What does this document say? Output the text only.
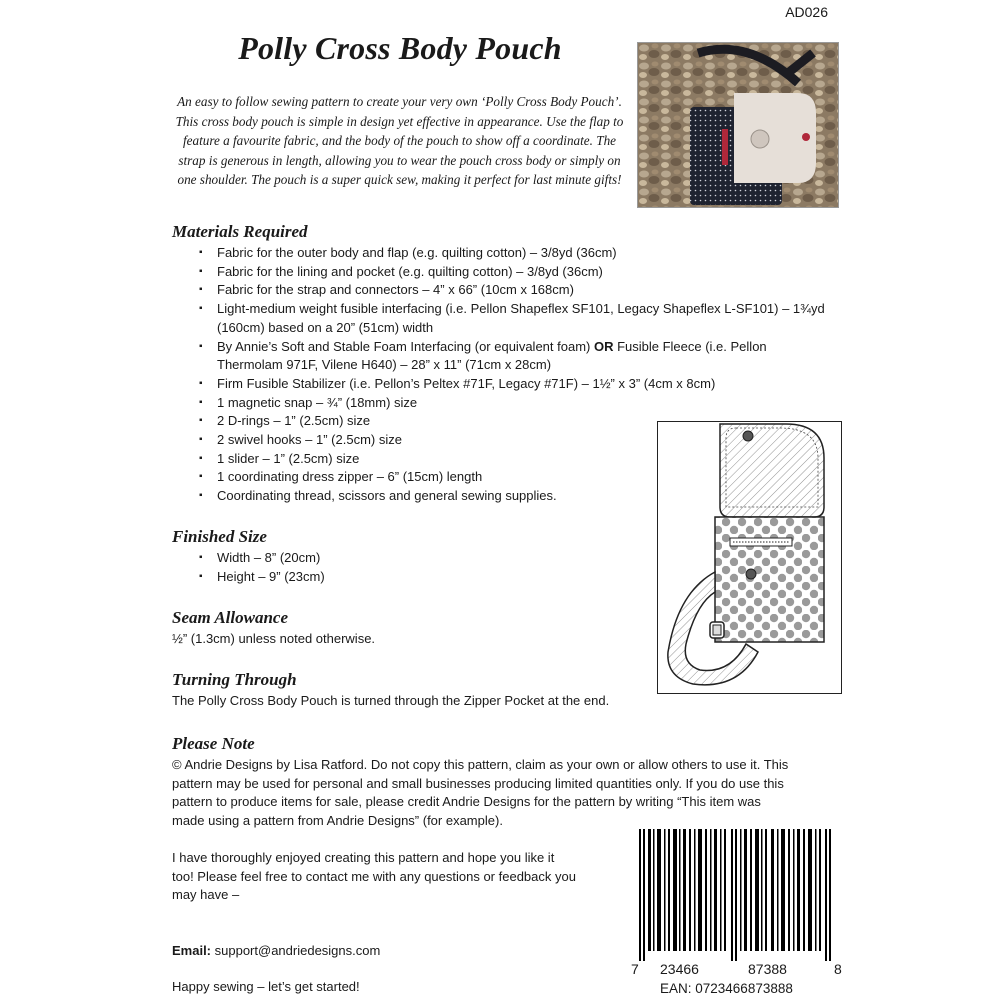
AD026
Polly Cross Body Pouch
An easy to follow sewing pattern to create your very own ‘Polly Cross Body Pouch’. This cross body pouch is simple in design yet effective in appearance. Use the flap to feature a favourite fabric, and the body of the pouch to show off a coordinate. The strap is generous in length, allowing you to wear the pouch cross body or simply on one shoulder. The pouch is a super quick sew, making it perfect for last minute gifts!
Materials Required
▪ Fabric for the outer body and flap (e.g. quilting cotton) – 3/8yd (36cm)
▪ Fabric for the lining and pocket (e.g. quilting cotton) – 3/8yd (36cm)
▪ Fabric for the strap and connectors – 4” x 66” (10cm x 168cm)
▪ Light-medium weight fusible interfacing (i.e. Pellon Shapeflex SF101, Legacy Shapeflex L-SF101) – 1¾yd (160cm) based on a 20” (51cm) width
▪ By Annie’s Soft and Stable Foam Interfacing (or equivalent foam) OR Fusible Fleece (i.e. Pellon Thermolam 971F, Vilene H640) – 28” x 11” (71cm x 28cm)
▪ Firm Fusible Stabilizer (i.e. Pellon’s Peltex #71F, Legacy #71F) – 1½” x 3” (4cm x 8cm)
▪ 1 magnetic snap – ¾” (18mm) size
▪ 2 D-rings – 1” (2.5cm) size
▪ 2 swivel hooks – 1” (2.5cm) size
▪ 1 slider – 1” (2.5cm) size
▪ 1 coordinating dress zipper – 6” (15cm) length
▪ Coordinating thread, scissors and general sewing supplies.
Finished Size
▪ Width – 8” (20cm)
▪ Height – 9” (23cm)
Seam Allowance
½” (1.3cm) unless noted otherwise.
Turning Through
The Polly Cross Body Pouch is turned through the Zipper Pocket at the end.
Please Note
© Andrie Designs by Lisa Ratford. Do not copy this pattern, claim as your own or allow others to use it. This
pattern may be used for personal and small businesses producing limited quantities only. If you do use this
pattern to produce items for sale, please credit Andrie Designs for the pattern by writing “This item was
made using a pattern from Andrie Designs” (for example).
I have thoroughly enjoyed creating this pattern and hope you like it
too! Please feel free to contact me with any questions or feedback you
may have –
Email: support@andriedesigns.com
Happy sewing – let’s get started!
7 23466	87388	8
EAN: 0723466873888
